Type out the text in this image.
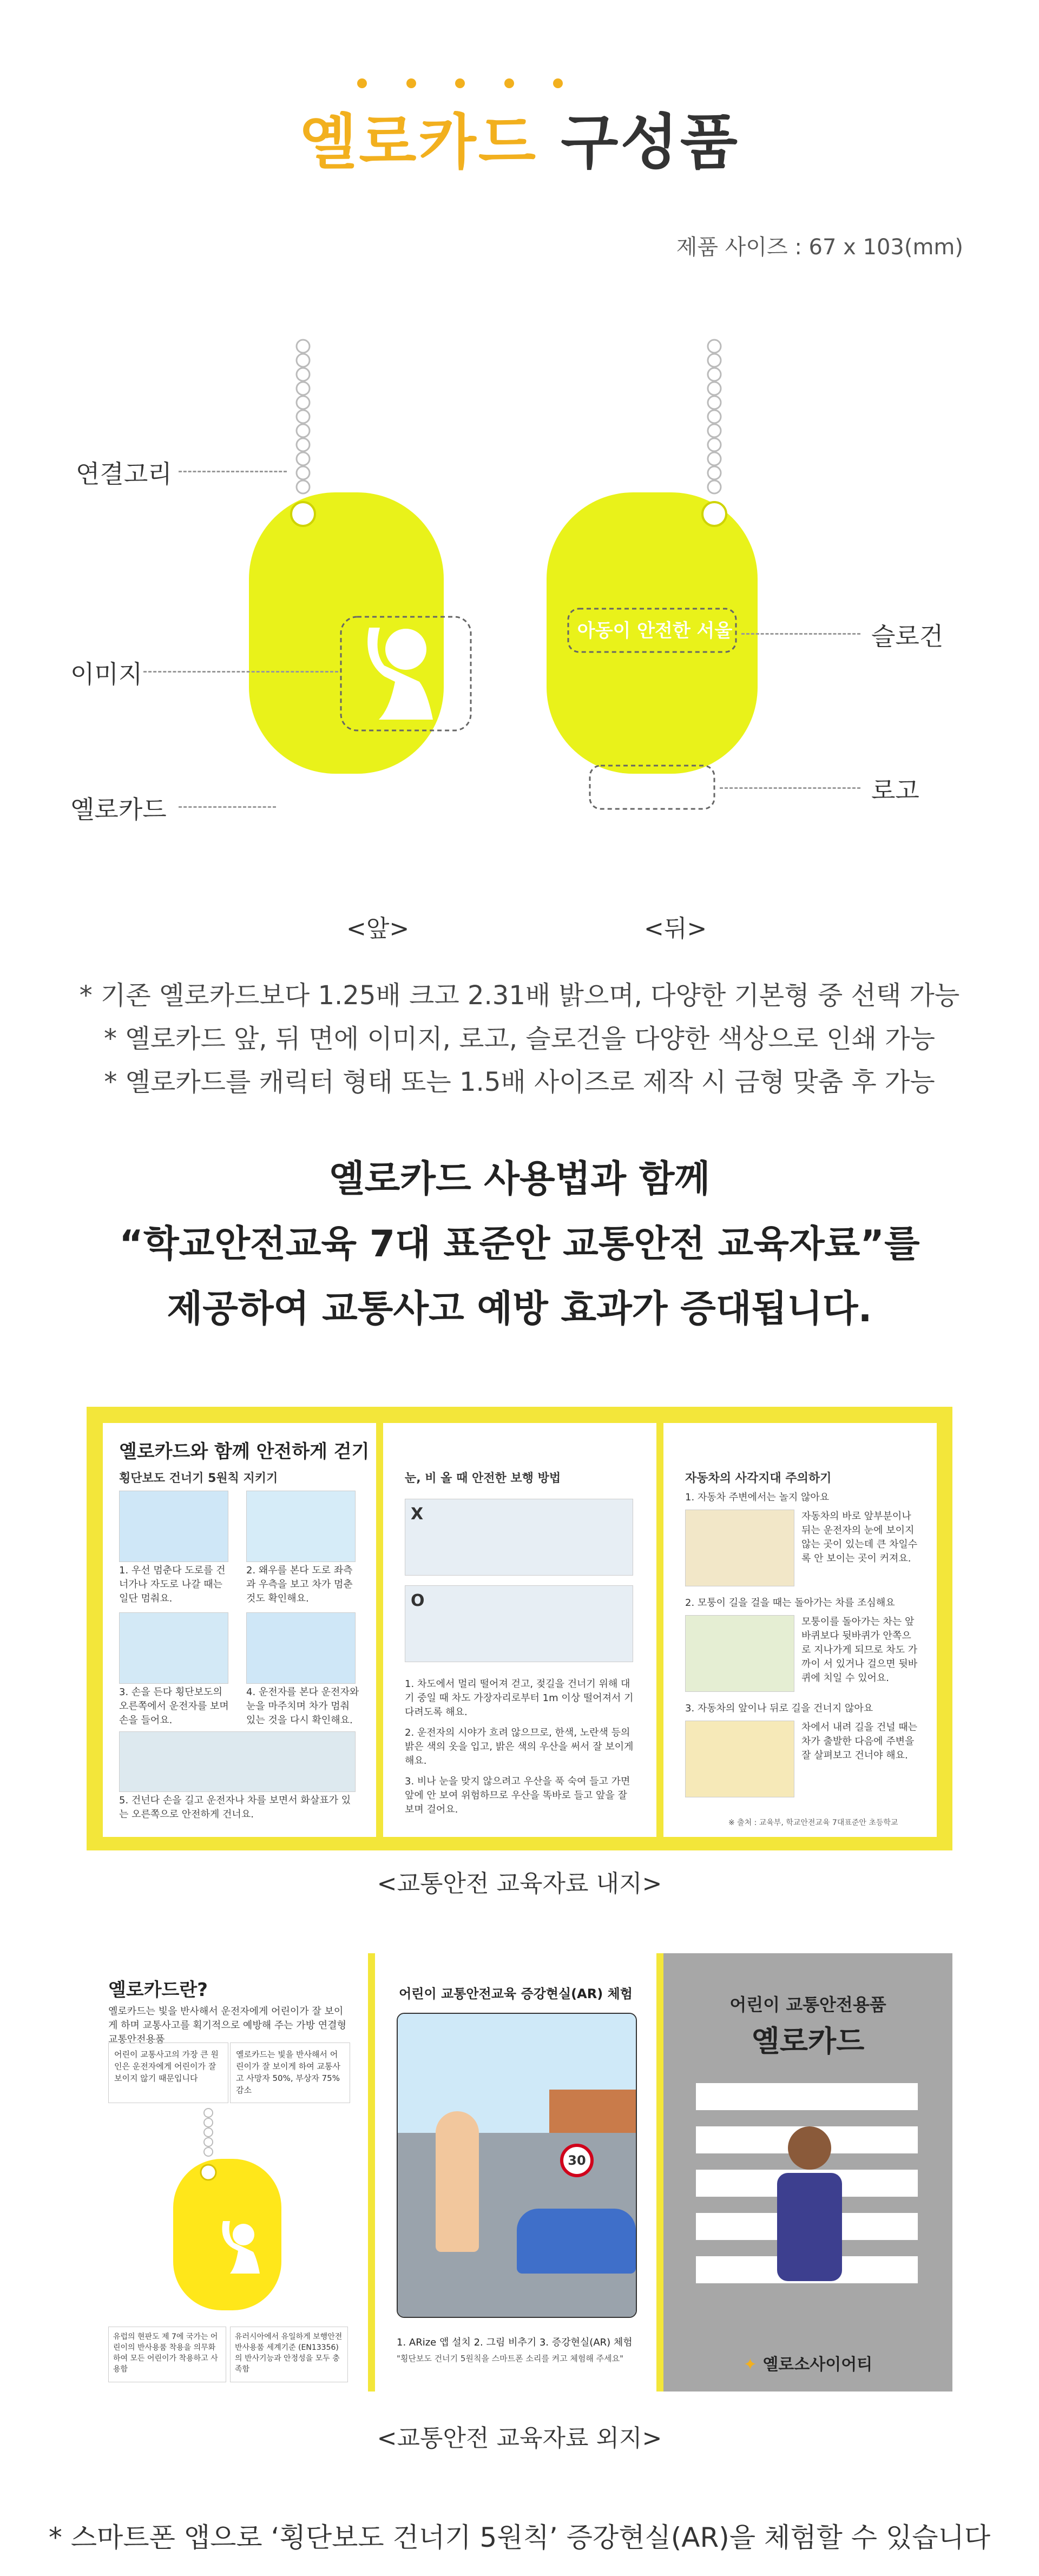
옐로카드 구성품
제품 사이즈 : 67 x 103(mm)
아동이 안전한 서울
✦ 서울특별시
연결고리
이미지
옐로카드
슬로건
로고
<앞>	<뒤>
* 기존 옐로카드보다 1.25배 크고 2.31배 밝으며, 다양한 기본형 중 선택 가능
* 옐로카드 앞, 뒤 면에 이미지, 로고, 슬로건을 다양한 색상으로 인쇄 가능
* 옐로카드를 캐릭터 형태 또는 1.5배 사이즈로 제작 시 금형 맞춤 후 가능
옐로카드 사용법과 함께
“학교안전교육 7대 표준안 교통안전 교육자료”를
제공하여 교통사고 예방 효과가 증대됩니다.
옐로카드와 함께 안전하게 걷기
횡단보도 건너기 5원칙 지키기
1. 우선 멈춘다 도로를 건너가나 자도로 나갈 때는 일단 멈춰요.
2. 왜우를 본다 도로 좌측과 우측을 보고 차가 멈춘 것도 확인해요.
3. 손을 든다 횡단보도의 오른쪽에서 운전자를 보며 손을 들어요.
4. 운전자를 본다 운전자와 눈을 마주치며 차가 멈춰 있는 것을 다시 확인해요.
5. 건넌다 손을 길고 운전자나 차를 보면서 화살표가 있는 오른쪽으로 안전하게 건너요.
눈, 비 올 때 안전한 보행 방법
X
O
1. 차도에서 멀리 떨어져 걷고, 젖길을 건너기 위해 대기 중일 때 차도 가장자리로부터 1m 이상 떨어져서 기다려도록 해요.
2. 운전자의 시야가 흐려 않으므로, 한색, 노란색 등의 밝은 색의 옷을 입고, 밝은 색의 우산을 써서 잘 보이게 해요.
3. 비나 눈을 맞지 않으려고 우산을 푹 숙여 들고 가면 앞에 안 보여 위험하므로 우산을 똑바로 들고 앞을 잘 보며 걸어요.
자동차의 사각지대 주의하기
1. 자동차 주변에서는 놀지 않아요
자동차의 바로 앞부분이나 뒤는 운전자의 눈에 보이지 않는 곳이 있는데 큰 차일수록 안 보이는 곳이 커져요.
2. 모퉁이 길을 걸을 때는 돌아가는 차를 조심해요
모퉁이를 돌아가는 차는 앞바퀴보다 뒷바퀴가 안쪽으로 지나가게 되므로 차도 가까이 서 있거나 걸으면 뒷바퀴에 치일 수 있어요.
3. 자동차의 앞이나 뒤로 길을 건너지 않아요
차에서 내려 길을 건널 때는 차가 출발한 다음에 주변을 잘 살펴보고 건너야 해요.
※ 출처 : 교육부, 학교안전교육 7대표준안 초등학교
<교통안전 교육자료 내지>
옐로카드란?
옐로카드는 빛을 반사해서 운전자에게 어린이가 잘 보이게 하며 교통사고를 획기적으로 예방해 주는 가방 연결형 교통안전용품
어린이 교통사고의 가장 큰 원인은 운전자에게 어린이가 잘 보이지 않기 때문입니다
옐로카드는 빛을 반사해서 어린이가 잘 보이게 하여 교통사고 사망자 50%, 부상자 75% 감소
유럽의 현판도 제 7에 국가는 어린이의 반사용품 착용을 의무화하여 모든 어린이가 착용하고 사용함
유러시아에서 유일하게 보행안전 반사용품 세계기준 (EN13356)의 반사기능과 안정성을 모두 충족함
어린이 교통안전교육 증강현실(AR) 체험
30
1. ARize 앱 설치 2. 그림 비추기 3. 증강현실(AR) 체험
"횡단보도 건너기 5원칙을 스마트폰 소리를 켜고 체험해 주세요"
어린이 교통안전용품
옐로카드
✦ 옐로소사이어티
<교통안전 교육자료 외지>
* 스마트폰 앱으로 ‘횡단보도 건너기 5원칙’ 증강현실(AR)을 체험할 수 있습니다
